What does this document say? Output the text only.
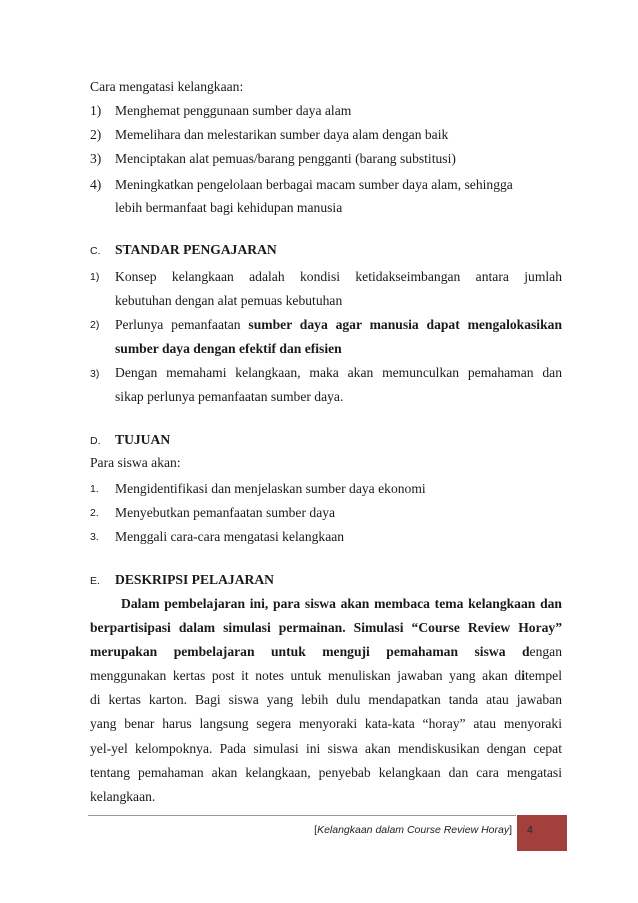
Cara mengatasi kelangkaan:
1) Menghemat penggunaan sumber daya alam
2) Memelihara dan melestarikan sumber daya alam dengan baik
3) Menciptakan alat pemuas/barang pengganti (barang substitusi)
4) Meningkatkan pengelolaan berbagai macam sumber daya alam, sehingga
lebih bermanfaat bagi kehidupan manusia
C. STANDAR PENGAJARAN
1) Konsep kelangkaan adalah kondisi ketidakseimbangan antara jumlah
kebutuhan dengan alat pemuas kebutuhan
2) Perlunya pemanfaatan sumber daya agar manusia dapat mengalokasikan
sumber daya dengan efektif dan efisien
3) Dengan memahami kelangkaan, maka akan memunculkan pemahaman dan
sikap perlunya pemanfaatan sumber daya.
D. TUJUAN
Para siswa akan:
1. Mengidentifikasi dan menjelaskan sumber daya ekonomi
2. Menyebutkan pemanfaatan sumber daya
3. Menggali cara-cara mengatasi kelangkaan
E. DESKRIPSI PELAJARAN
Dalam pembelajaran ini, para siswa akan membaca tema kelangkaan dan
berpartisipasi dalam simulasi permainan. Simulasi “Course Review Horay”
merupakan pembelajaran untuk menguji pemahaman siswa dengan
menggunakan kertas post it notes untuk menuliskan jawaban yang akan ditempel
di kertas karton. Bagi siswa yang lebih dulu mendapatkan tanda atau jawaban
yang benar harus langsung segera menyoraki kata-kata “horay” atau menyoraki
yel-yel kelompoknya. Pada simulasi ini siswa akan mendiskusikan dengan cepat
tentang pemahaman akan kelangkaan, penyebab kelangkaan dan cara mengatasi
kelangkaan.
[Kelangkaan dalam Course Review Horay] 4
